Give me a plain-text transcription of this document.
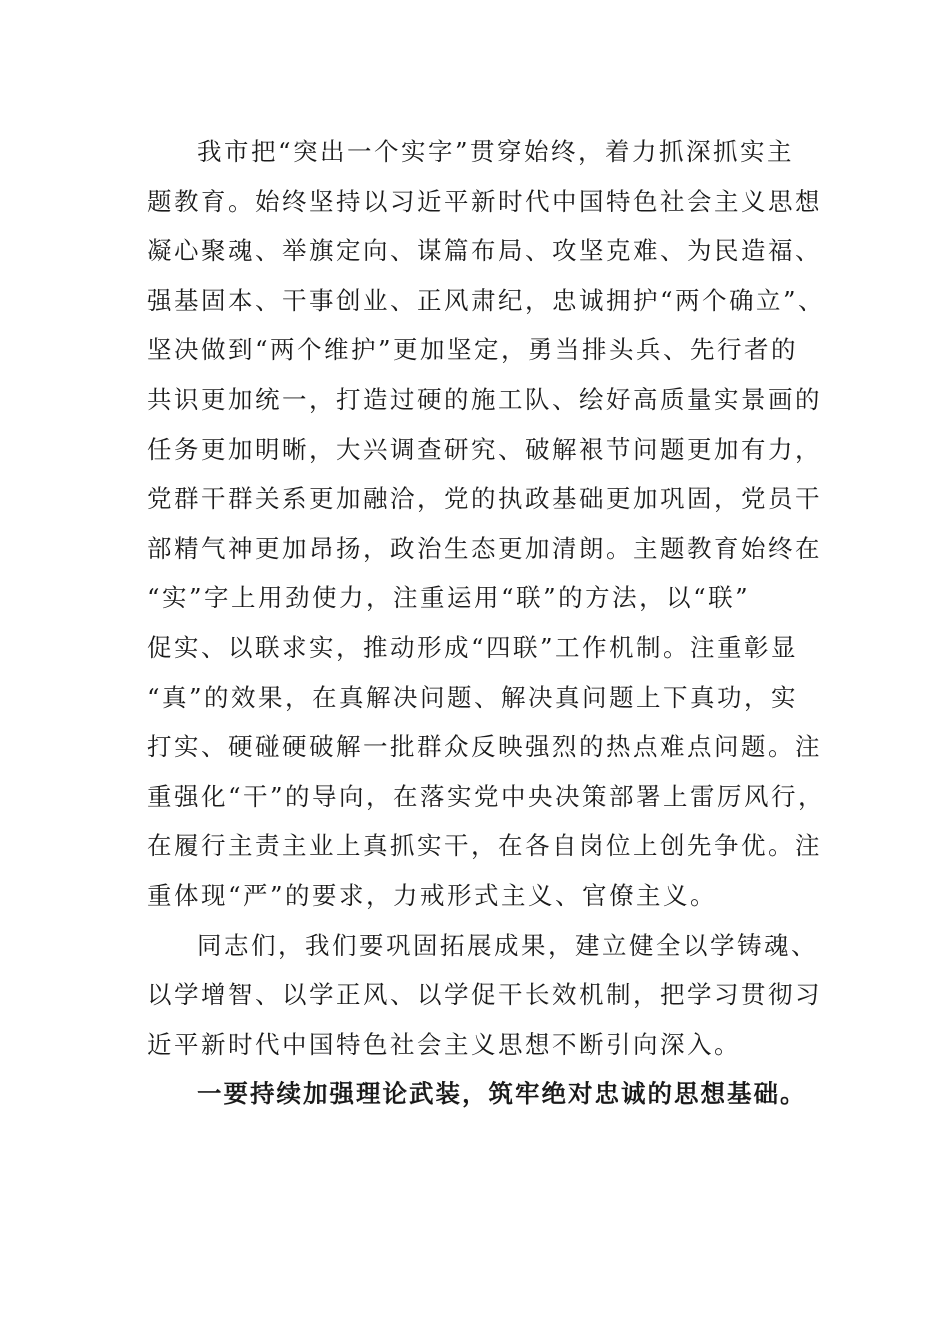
我市把“突出一个实字”贯穿始终，着力抓深抓实主
题教育。始终坚持以习近平新时代中国特色社会主义思想
凝心聚魂、举旗定向、谋篇布局、攻坚克难、为民造福、
强基固本、干事创业、正风肃纪，忠诚拥护“两个确立”、
坚决做到“两个维护”更加坚定，勇当排头兵、先行者的
共识更加统一，打造过硬的施工队、绘好高质量实景画的
任务更加明晰，大兴调查研究、破解裉节问题更加有力，
党群干群关系更加融洽，党的执政基础更加巩固，党员干
部精气神更加昂扬，政治生态更加清朗。主题教育始终在
“实”字上用劲使力，注重运用“联”的方法，以“联”
促实、以联求实，推动形成“四联”工作机制。注重彰显
“真”的效果，在真解决问题、解决真问题上下真功，实
打实、硬碰硬破解一批群众反映强烈的热点难点问题。注
重强化“干”的导向，在落实党中央决策部署上雷厉风行，
在履行主责主业上真抓实干，在各自岗位上创先争优。注
重体现“严”的要求，力戒形式主义、官僚主义。
同志们，我们要巩固拓展成果，建立健全以学铸魂、
以学增智、以学正风、以学促干长效机制，把学习贯彻习
近平新时代中国特色社会主义思想不断引向深入。
一要持续加强理论武装，筑牢绝对忠诚的思想基础。
